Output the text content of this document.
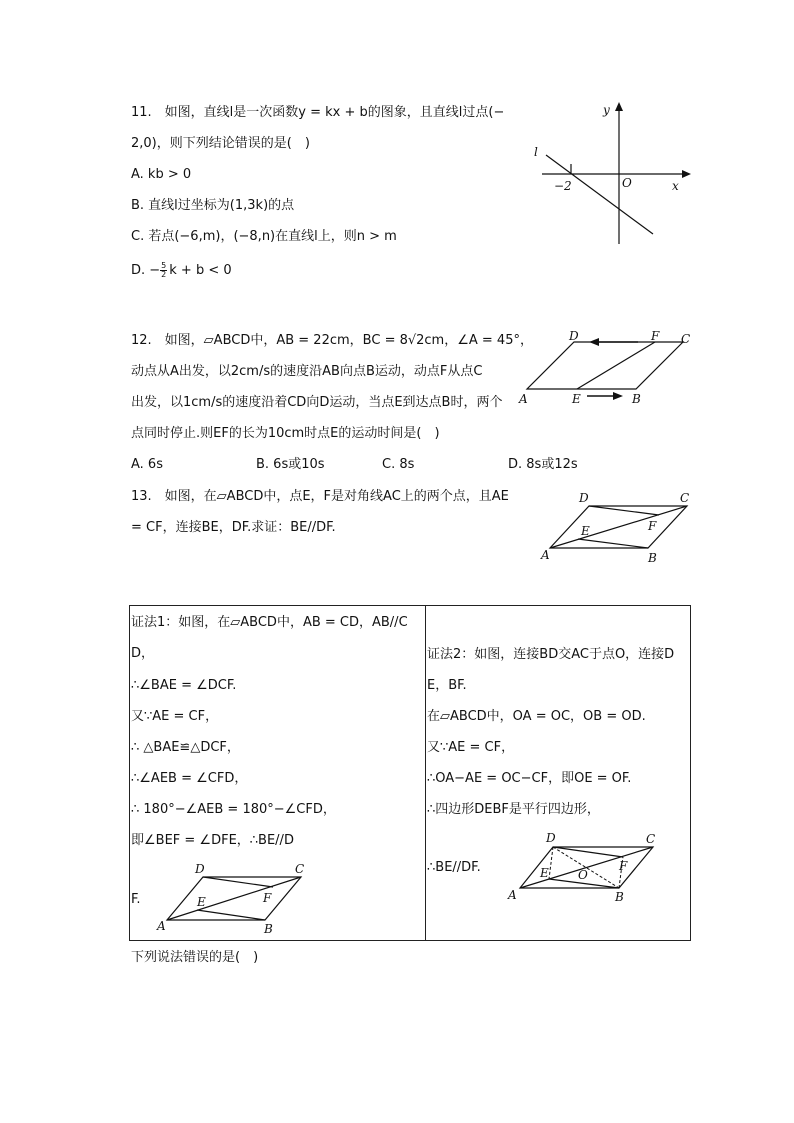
11.　如图，直线l是一次函数y = kx + b的图象，且直线l过点(−
2,0)，则下列结论错误的是(　)
A. kb > 0
B. 直线l过坐标为(1,3k)的点
C. 若点(−6,m)，(−8,n)在直线l上，则n > m
D. − $\frac{5}{2}$ k + b < 0
y
x
l
−2	O
12.　如图，▱ABCD中，AB = 22cm，BC = 8√2cm，∠A = 45°，
动点从A出发，以2cm/s的速度沿AB向点B运动，动点F从点C
出发，以1cm/s的速度沿着CD向D运动，当点E到达点B时，两个
点同时停止.则EF的长为10cm时点E的运动时间是(　)
A. 6s	B. 6s或10s	C. 8s	D. 8s或12s
A	E	B
D	F C
13.　如图，在▱ABCD中，点E，F是对角线AC上的两个点，且AE
= CF，连接BE，DF.求证：BE//DF.
A	B
C
D
E	F
证法1：如图，在▱ABCD中，AB = CD，AB//C
D，
∴∠BAE = ∠DCF.
又∵AE = CF，
∴ △BAE≌△DCF，
∴∠AEB = ∠CFD，
∴ 180°−∠AEB = 180°−∠CFD，
即∠BEF = ∠DFE，∴BE//D
F.
A	B
C
D
E	F
证法2：如图，连接BD交AC于点O，连接D
E，BF.
在▱ABCD中，OA = OC，OB = OD.
又∵AE = CF，
∴OA−AE = OC−CF，即OE = OF.
∴四边形DEBF是平行四边形，
∴BE//DF.
A	B
C
D
E	F
O
下列说法错误的是(　)
